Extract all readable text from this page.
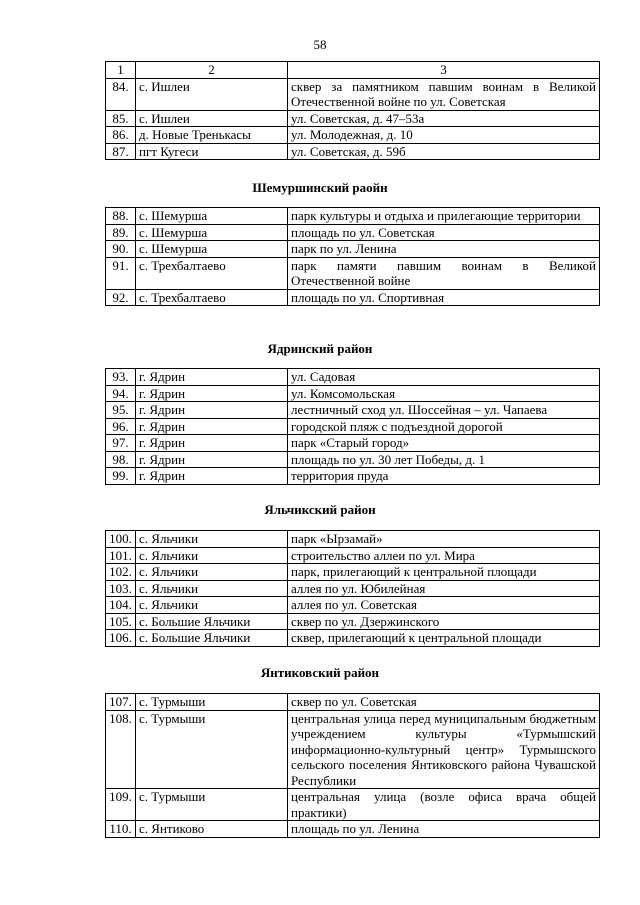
58
1	2	3
84.	с. Ишлеи	сквер за памятником павшим воинам в Великой Отечественной войне по ул. Советская
85.	с. Ишлеи	ул. Советская, д. 47–53а
86.	д. Новые Тренькасы	ул. Молодежная, д. 10
87.	пгт Кугеси	ул. Советская, д. 59б
Шемуршинский раойн
88.	с. Шемурша	парк культуры и отдыха и прилегающие территории
89.	с. Шемурша	площадь по ул. Советская
90.	с. Шемурша	парк по ул. Ленина
91.	с. Трехбалтаево	парк памяти павшим воинам в Великой Отечественной войне
92.	с. Трехбалтаево	площадь по ул. Спортивная
Ядринский район
93.	г. Ядрин	ул. Садовая
94.	г. Ядрин	ул. Комсомольская
95.	г. Ядрин	лестничный сход ул. Шоссейная – ул. Чапаева
96.	г. Ядрин	городской пляж с подъездной дорогой
97.	г. Ядрин	парк «Старый город»
98.	г. Ядрин	площадь по ул. 30 лет Победы, д. 1
99.	г. Ядрин	территория пруда
Яльчикский район
100.	с. Яльчики	парк «Ырзамай»
101.	с. Яльчики	строительство аллеи по ул. Мира
102.	с. Яльчики	парк, прилегающий к центральной площади
103.	с. Яльчики	аллея по ул. Юбилейная
104.	с. Яльчики	аллея по ул. Советская
105.	с. Большие Яльчики	сквер по ул. Дзержинского
106.	с. Большие Яльчики	сквер, прилегающий к центральной площади
Янтиковский район
107.	с. Турмыши	сквер по ул. Советская
108.	с. Турмыши	центральная улица перед муниципальным бюджетным учреждением культуры «Турмышский информационно-культурный центр» Турмышского сельского поселения Янтиковского района Чувашской Республики
109.	с. Турмыши	центральная улица (возле офиса врача общей практики)
110.	с. Янтиково	площадь по ул. Ленина
